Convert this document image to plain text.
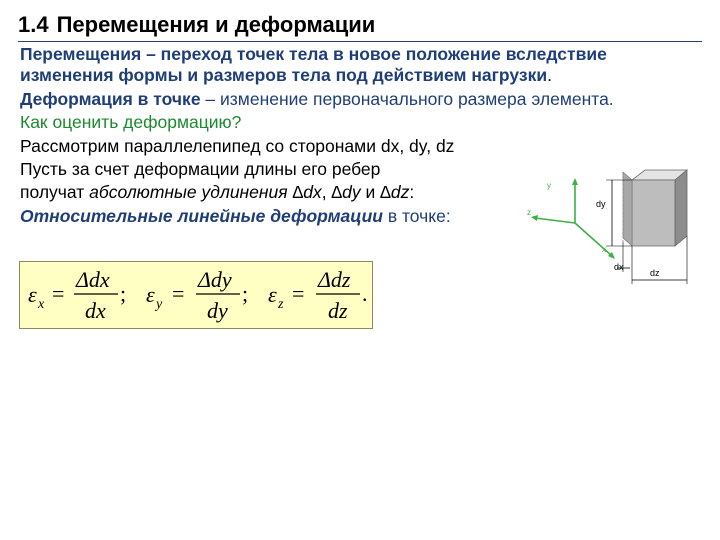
1.4 Перемещения и деформации

Перемещения – переход точек тела в новое положение вследствие

изменения формы и размеров тела под действием нагрузки.

Деформация в точке – изменение первоначального размера элемента.

Как оценить деформацию?

Рассмотрим параллелепипед со сторонами dx, dy, dz

Пусть за счет деформации длины его ребер

получат абсолютные удлинения ∆dx, ∆dy и ∆dz:

Относительные линейные деформации в точке:

ε x =
Δdx
dx
; ε y =
Δdy
dy
; ε z =
Δdz
dz
.
y
z
x
dy
dx
dz
